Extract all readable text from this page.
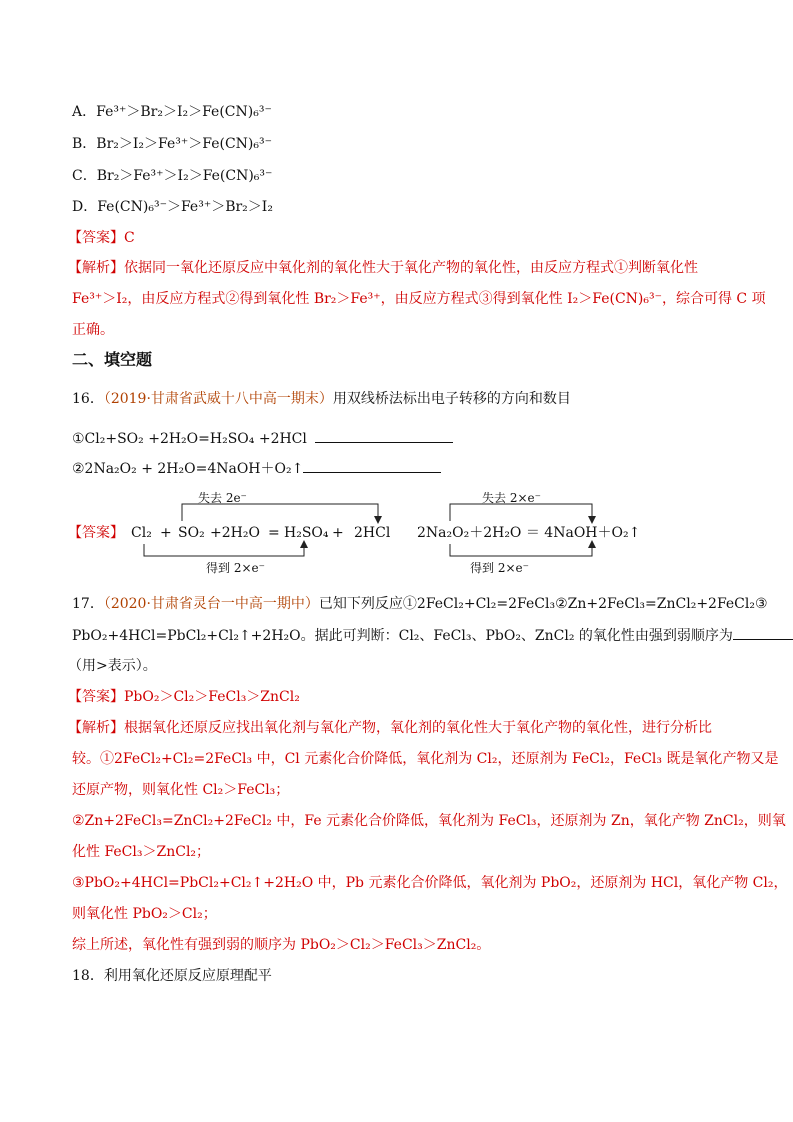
A．Fe³⁺＞Br₂＞I₂＞Fe(CN)₆³⁻
B．Br₂＞I₂＞Fe³⁺＞Fe(CN)₆³⁻
C．Br₂＞Fe³⁺＞I₂＞Fe(CN)₆³⁻
D．Fe(CN)₆³⁻＞Fe³⁺＞Br₂＞I₂
【答案】C
【解析】依据同一氧化还原反应中氧化剂的氧化性大于氧化产物的氧化性，由反应方程式①判断氧化性
Fe³⁺＞I₂，由反应方程式②得到氧化性 Br₂＞Fe³⁺，由反应方程式③得到氧化性 I₂＞Fe(CN)₆³⁻，综合可得 C 项
正确。
二、填空题
16．（2019·甘肃省武威十八中高一期末）用双线桥法标出电子转移的方向和数目
①Cl₂+SO₂ +2H₂O=H₂SO₄ +2HCl
②2Na₂O₂ + 2H₂O=4NaOH＋O₂↑
【答案】
失去 2e⁻
Cl₂ + SO₂ +2H₂O = H₂SO₄ + 2HCl
得到 2×e⁻
失去 2×e⁻
2Na₂O₂＋2H₂O ＝ 4NaOH＋O₂↑
得到 2×e⁻
17．（2020·甘肃省灵台一中高一期中）已知下列反应①2FeCl₂+Cl₂=2FeCl₃②Zn+2FeCl₃=ZnCl₂+2FeCl₂③
PbO₂+4HCl=PbCl₂+Cl₂↑+2H₂O。据此可判断：Cl₂、FeCl₃、PbO₂、ZnCl₂ 的氧化性由强到弱顺序为
（用>表示）。
【答案】PbO₂＞Cl₂＞FeCl₃＞ZnCl₂
【解析】根据氧化还原反应找出氧化剂与氧化产物，氧化剂的氧化性大于氧化产物的氧化性，进行分析比
较。①2FeCl₂+Cl₂=2FeCl₃ 中，Cl 元素化合价降低，氧化剂为 Cl₂，还原剂为 FeCl₂，FeCl₃ 既是氧化产物又是
还原产物，则氧化性 Cl₂＞FeCl₃；
②Zn+2FeCl₃=ZnCl₂+2FeCl₂ 中，Fe 元素化合价降低，氧化剂为 FeCl₃，还原剂为 Zn，氧化产物 ZnCl₂，则氧
化性 FeCl₃＞ZnCl₂；
③PbO₂+4HCl=PbCl₂+Cl₂↑+2H₂O 中，Pb 元素化合价降低，氧化剂为 PbO₂，还原剂为 HCl，氧化产物 Cl₂，
则氧化性 PbO₂＞Cl₂；
综上所述，氧化性有强到弱的顺序为 PbO₂＞Cl₂＞FeCl₃＞ZnCl₂。
18．利用氧化还原反应原理配平
